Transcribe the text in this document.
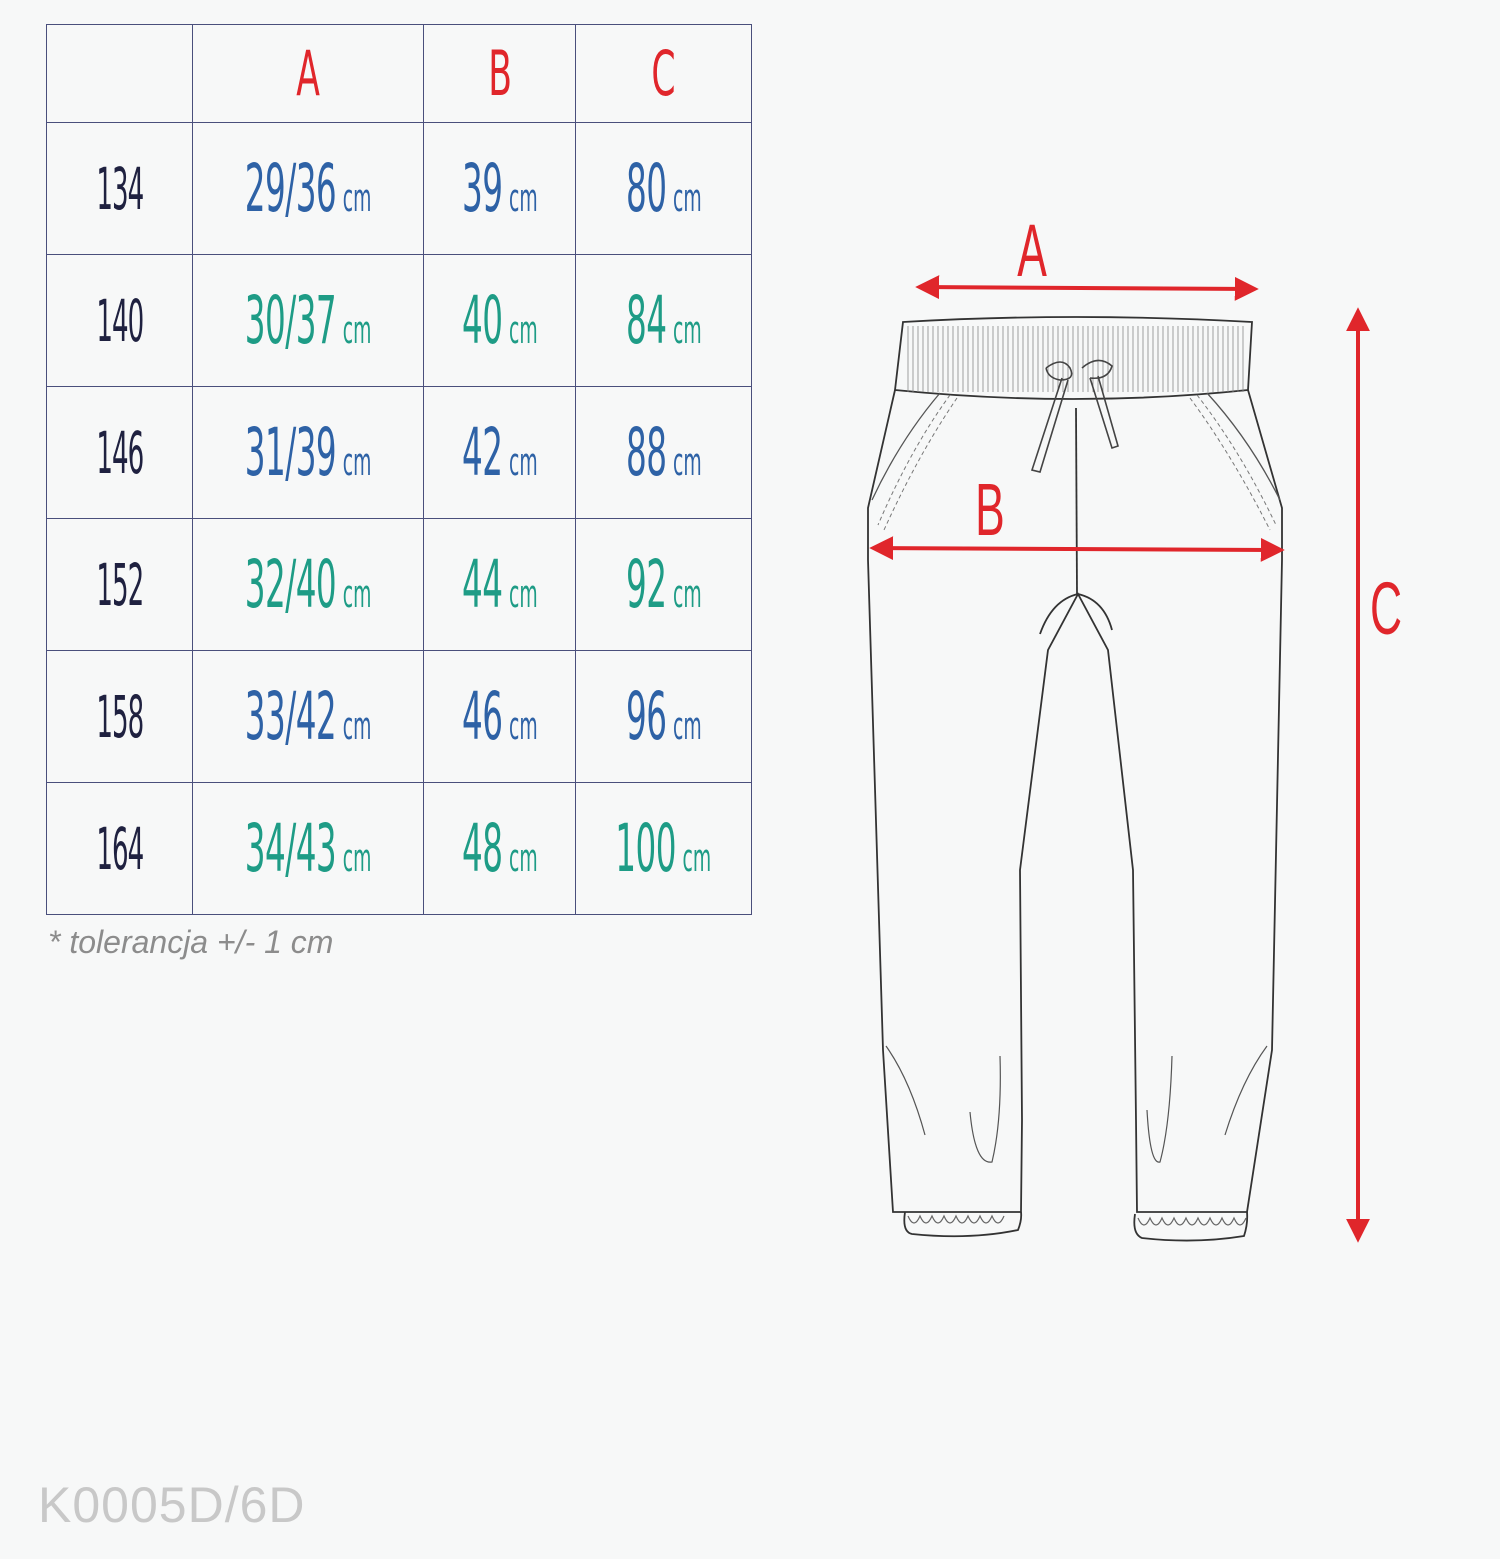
	A	B	C
134	29/36 cm	39 cm	80 cm
140	30/37 cm	40 cm	84 cm
146	31/39 cm	42 cm	88 cm
152	32/40 cm	44 cm	92 cm
158	33/42 cm	46 cm	96 cm
164	34/43 cm	48 cm	100 cm
* tolerancja +/- 1 cm
A
B
C
K0005D/6D
